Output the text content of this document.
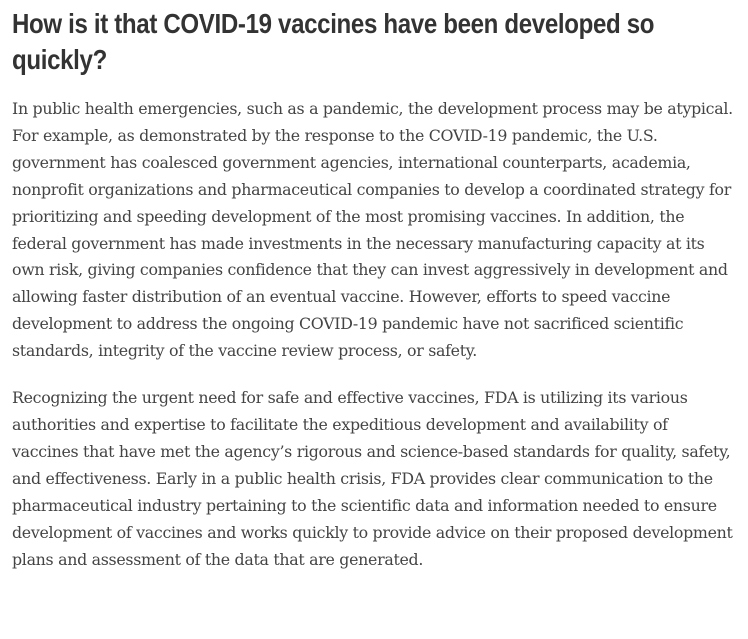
How is it that COVID-19 vaccines have been developed so quickly?

In public health emergencies, such as a pandemic, the development process may be atypical. For example, as demonstrated by the response to the COVID-19 pandemic, the U.S. government has coalesced government agencies, international counterparts, academia, nonprofit organizations and pharmaceutical companies to develop a coordinated strategy for prioritizing and speeding development of the most promising vaccines. In addition, the federal government has made investments in the necessary manufacturing capacity at its own risk, giving companies confidence that they can invest aggressively in development and allowing faster distribution of an eventual vaccine. However, efforts to speed vaccine development to address the ongoing COVID-19 pandemic have not sacrificed scientific standards, integrity of the vaccine review process, or safety.

Recognizing the urgent need for safe and effective vaccines, FDA is utilizing its various authorities and expertise to facilitate the expeditious development and availability of vaccines that have met the agency’s rigorous and science-based standards for quality, safety, and effectiveness. Early in a public health crisis, FDA provides clear communication to the pharmaceutical industry pertaining to the scientific data and information needed to ensure development of vaccines and works quickly to provide advice on their proposed development plans and assessment of the data that are generated.
